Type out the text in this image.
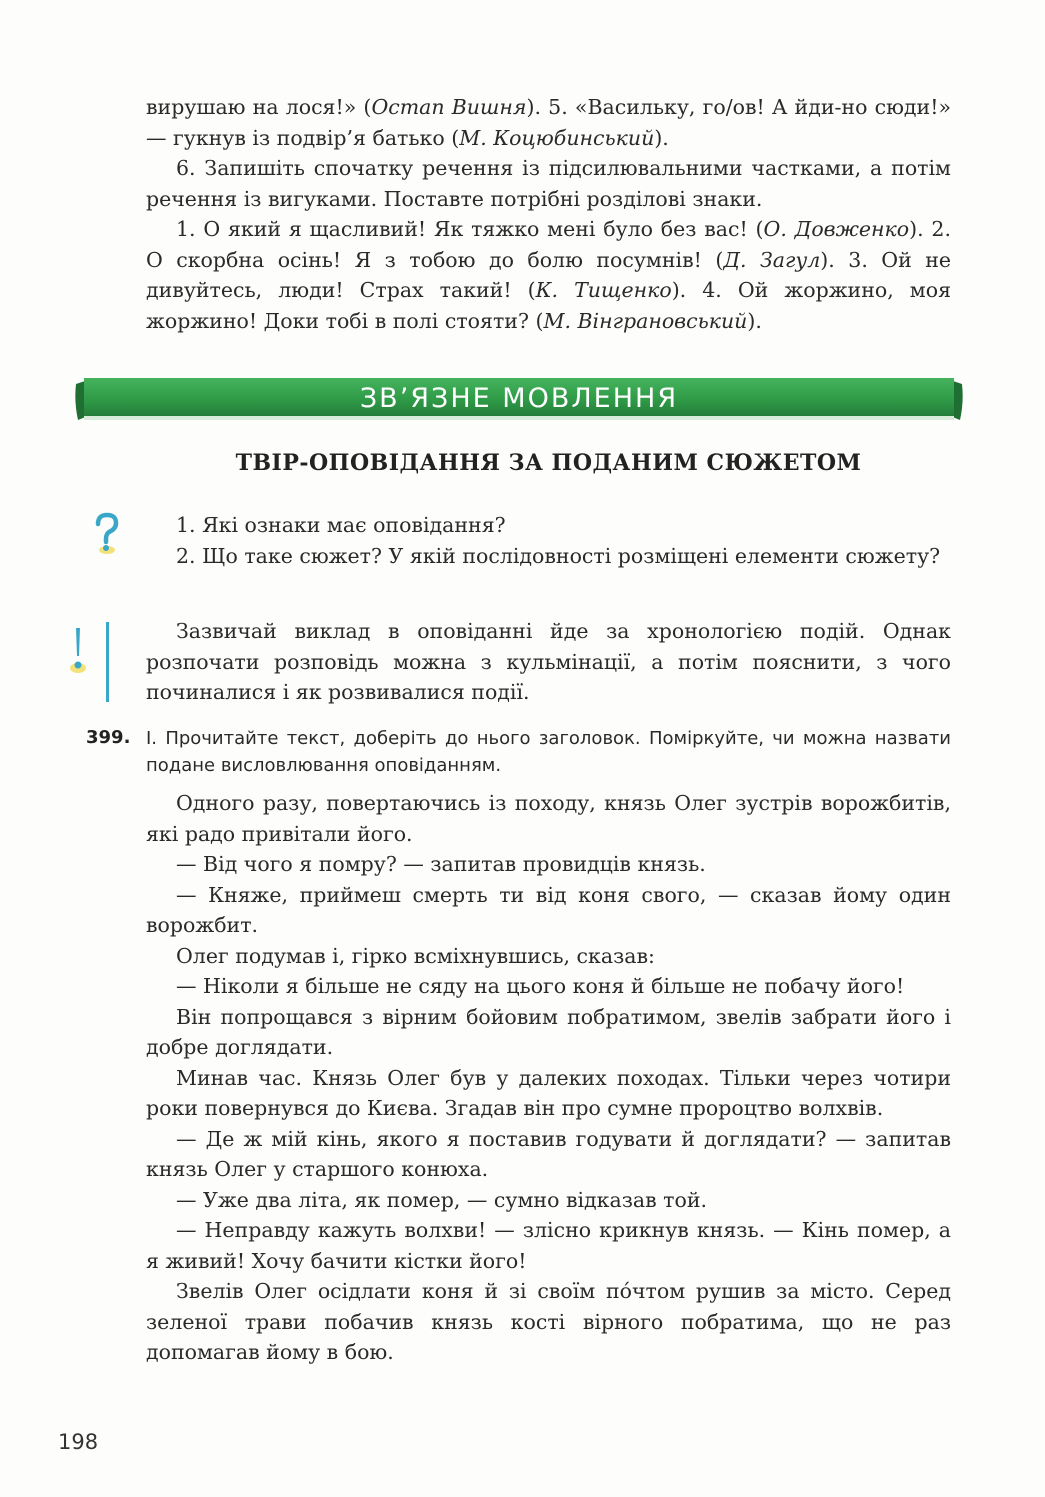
вирушаю на лося!» (Остап Вишня). 5. «Васильку, го/ов! А йди-но сюди!» — гукнув із подвір’я батько (М. Коцюбинський).

6. Запишіть спочатку речення із підсилювальними частками, а потім речення із вигуками. Поставте потрібні розділові знаки.

1. О який я щасливий! Як тяжко мені було без вас! (О. Довженко). 2. О скорбна осінь! Я з тобою до болю посумнів! (Д. Загул). 3. Ой не дивуйтесь, люди! Страх такий! (К. Тищенко). 4. Ой жоржино, моя жоржино! Доки тобі в полі стояти? (М. Вінграновський).

ЗВ’ЯЗНЕ МОВЛЕННЯ
ТВІР-ОПОВІДАННЯ ЗА ПОДАНИМ СЮЖЕТОМ

1. Які ознаки має оповідання?

2. Що таке сюжет? У якій послідовності розміщені елементи сюжету?

Зазвичай виклад в оповіданні йде за хронологією подій. Однак розпочати розповідь можна з кульмінації, а потім пояснити, з чого починалися і як розвивалися події.

399. І. Прочитайте текст, доберіть до нього заголовок. Поміркуйте, чи можна назвати подане висловлювання оповіданням.

Одного разу, повертаючись із походу, князь Олег зустрів ворожбитів, які радо привітали його.

— Від чого я помру? — запитав провидців князь.

— Княже, приймеш смерть ти від коня свого, — сказав йому один ворожбит.

Олег подумав і, гірко всміхнувшись, сказав:

— Ніколи я більше не сяду на цього коня й більше не побачу його!

Він попрощався з вірним бойовим побратимом, звелів забрати його і добре доглядати.

Минав час. Князь Олег був у далеких походах. Тільки через чотири роки повернувся до Києва. Згадав він про сумне пророцтво волхвів.

— Де ж мій кінь, якого я поставив годувати й доглядати? — запитав князь Олег у старшого конюха.

— Уже два літа, як помер, — сумно відказав той.

— Неправду кажуть волхви! — злісно крикнув князь. — Кінь помер, а я живий! Хочу бачити кістки його!

Звелів Олег осідлати коня й зі своїм по́чтом рушив за місто. Серед зеленої трави побачив князь кості вірного побратима, що не раз допомагав йому в бою.

198
